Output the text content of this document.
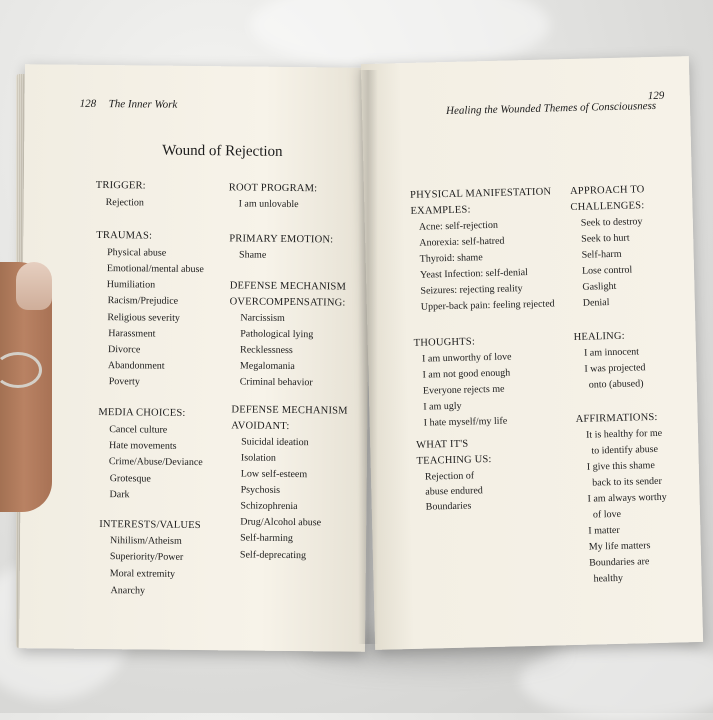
128 The Inner Work
Wound of Rejection
TRIGGER:
Rejection
TRAUMAS:
Physical abuse
Emotional/mental abuse
Humiliation
Racism/Prejudice
Religious severity
Harassment
Divorce
Abandonment
Poverty
MEDIA CHOICES:
Cancel culture
Hate movements
Crime/Abuse/Deviance
Grotesque
Dark
INTERESTS/VALUES
Nihilism/Atheism
Superiority/Power
Moral extremity
Anarchy
ROOT PROGRAM:
I am unlovable
PRIMARY EMOTION:
Shame
DEFENSE MECHANISM
OVERCOMPENSATING:
Narcissism
Pathological lying
Recklessness
Megalomania
Criminal behavior
DEFENSE MECHANISM
AVOIDANT:
Suicidal ideation
Isolation
Low self-esteem
Psychosis
Schizophrenia
Drug/Alcohol abuse
Self-harming
Self-deprecating
Healing the Wounded Themes of Consciousness
129
PHYSICAL MANIFESTATION
EXAMPLES:
Acne: self-rejection
Anorexia: self-hatred
Thyroid: shame
Yeast Infection: self-denial
Seizures: rejecting reality
Upper-back pain: feeling rejected
THOUGHTS:
I am unworthy of love
I am not good enough
Everyone rejects me
I am ugly
I hate myself/my life
WHAT IT'S
TEACHING US:
Rejection of
abuse endured
Boundaries
APPROACH TO
CHALLENGES:
Seek to destroy
Seek to hurt
Self-harm
Lose control
Gaslight
Denial
HEALING:
I am innocent
I was projected
onto (abused)
AFFIRMATIONS:
It is healthy for me
to identify abuse
I give this shame
back to its sender
I am always worthy
of love
I matter
My life matters
Boundaries are
healthy
